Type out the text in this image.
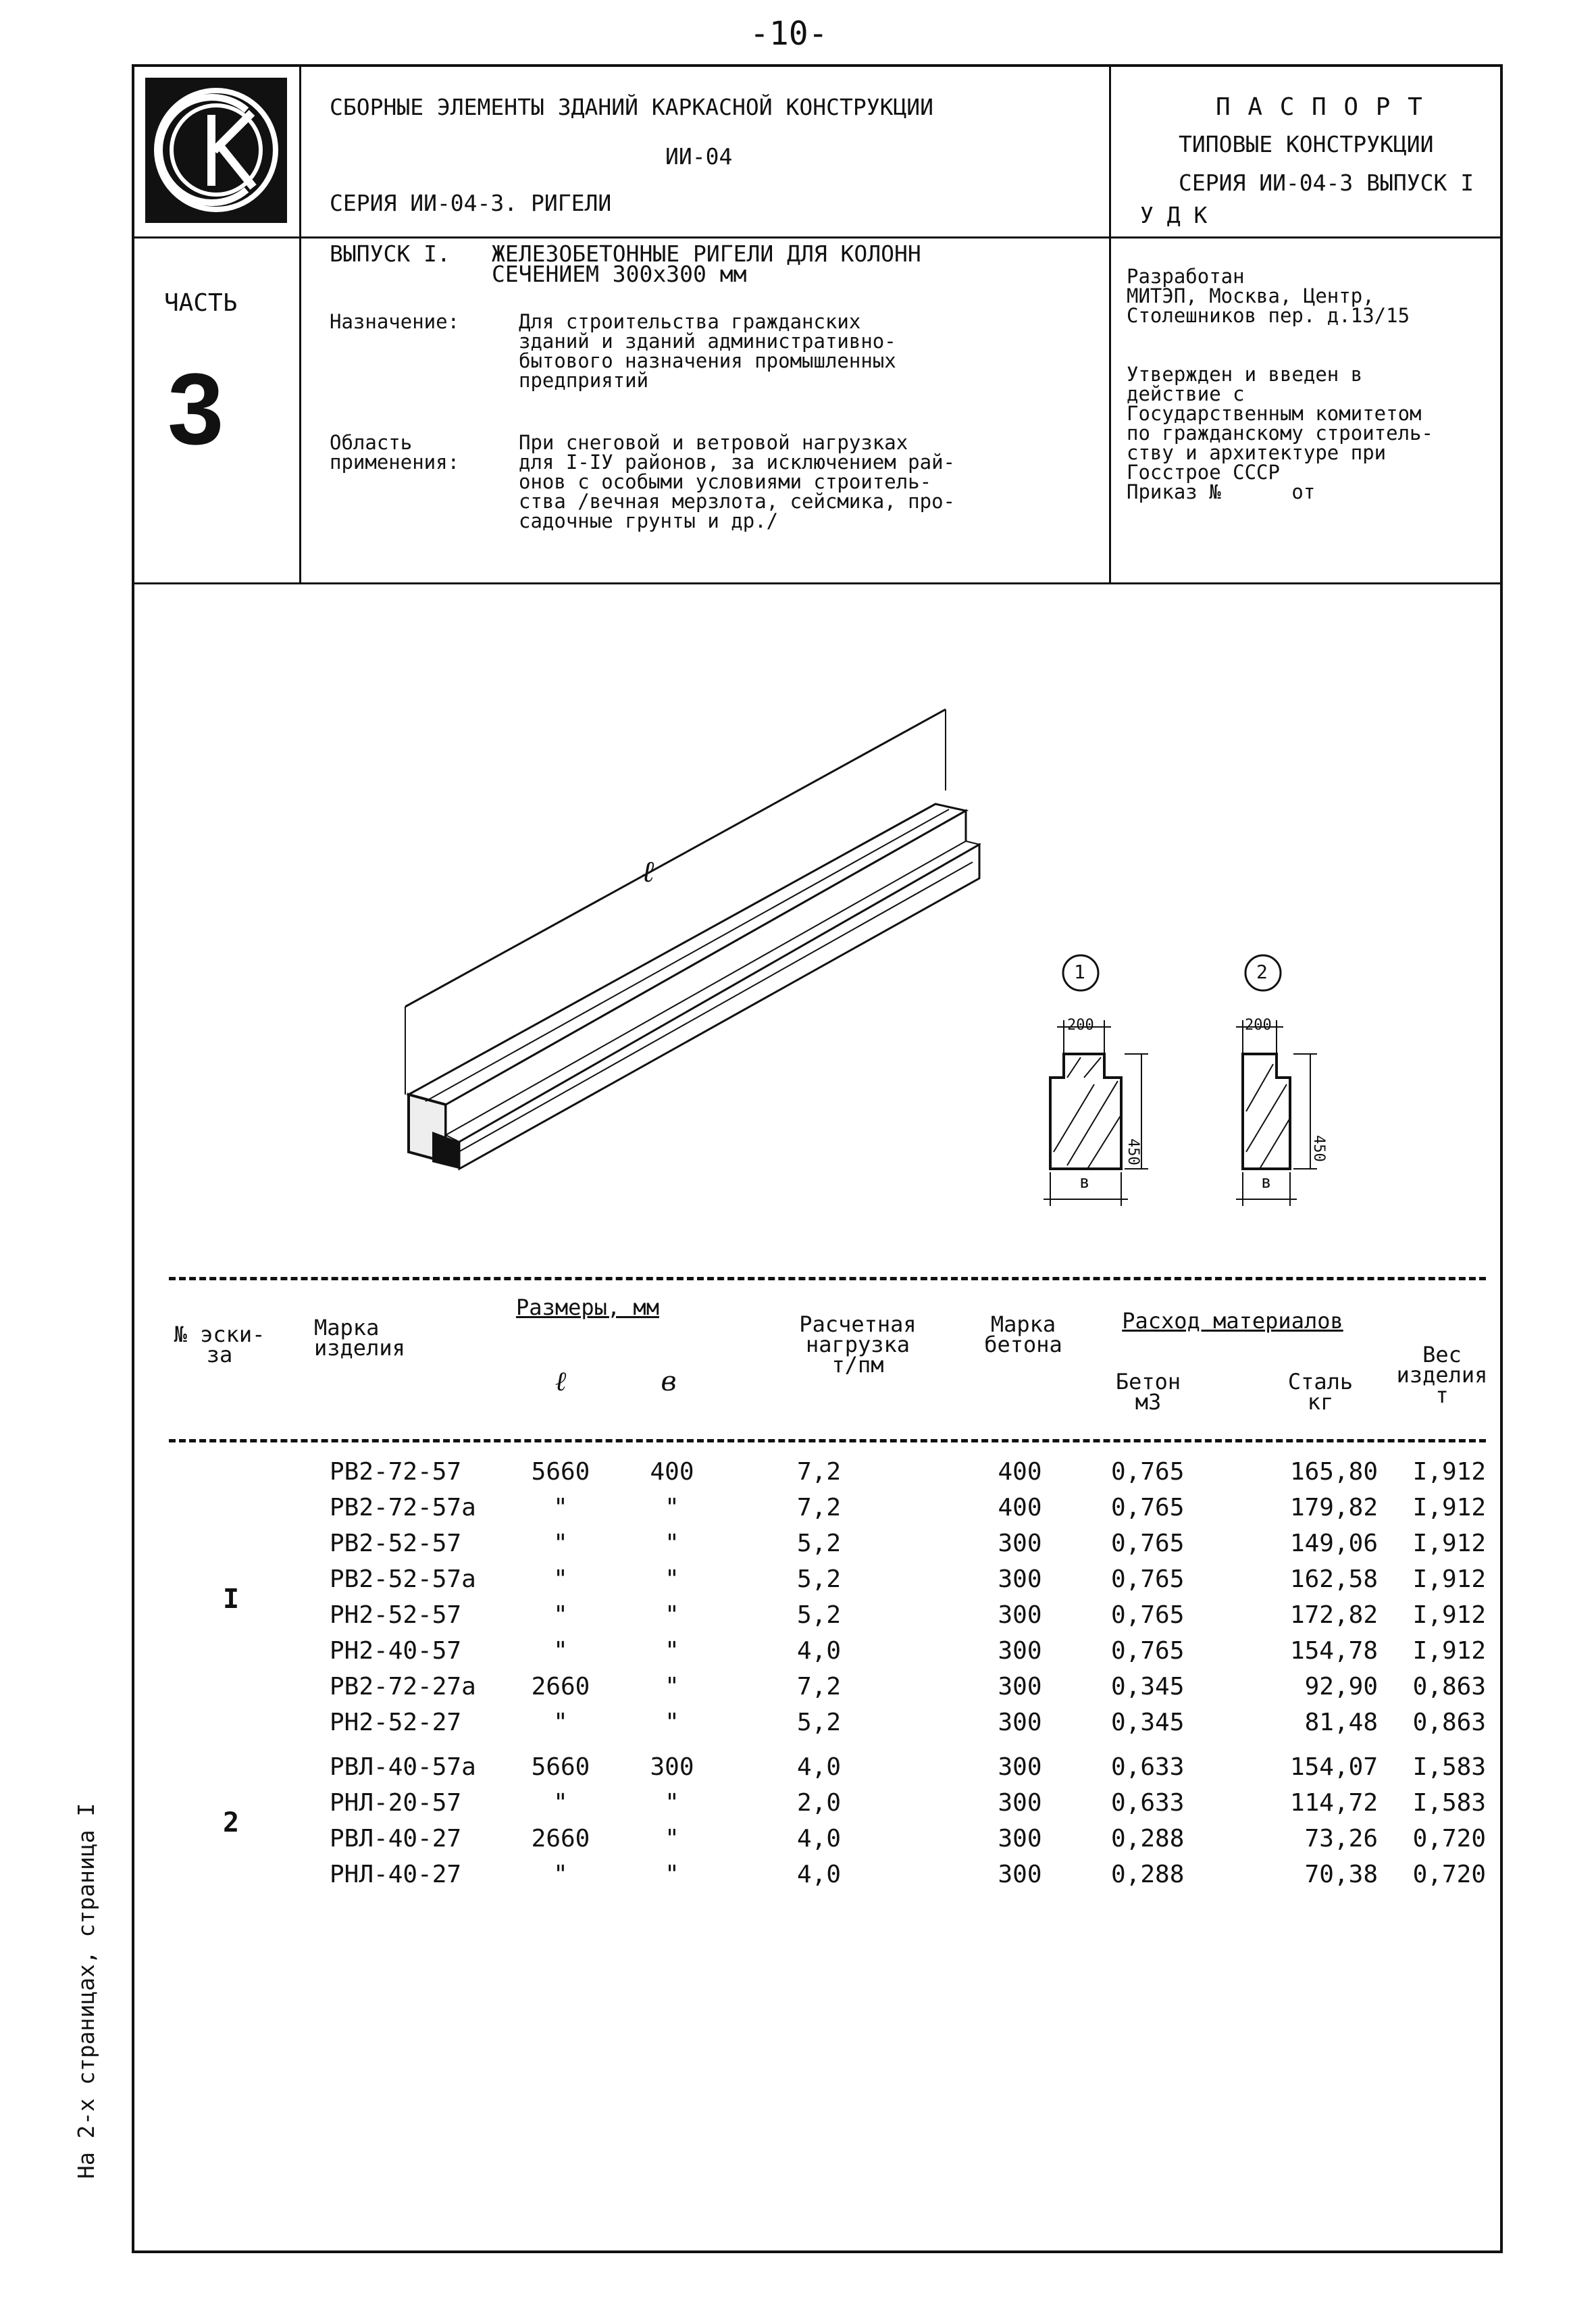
-10-
На 2-х страницах, страница I
ЧАСТЬ
3
СБОРНЫЕ ЭЛЕМЕНТЫ ЗДАНИЙ КАРКАСНОЙ КОНСТРУКЦИИ
ИИ-04
СЕРИЯ ИИ-04-3. РИГЕЛИ
ВЫПУСК I. ЖЕЛЕЗОБЕТОННЫЕ РИГЕЛИ ДЛЯ КОЛОНН
СЕЧЕНИЕМ 300х300 мм
Назначение:	Для строительства гражданских
зданий и зданий административно-
бытового назначения промышленных
предприятий
Область
применения:
При снеговой и ветровой нагрузках
для I-IУ районов, за исключением рай-
онов с особыми условиями строитель-
ства /вечная мерзлота, сейсмика, про-
садочные грунты и др./
П А С П О Р Т
ТИПОВЫЕ КОНСТРУКЦИИ
СЕРИЯ ИИ-04-3 ВЫПУСК I
У Д К
Разработан
МИТЭП, Москва, Центр,
Столешников пер. д.13/15
Утвержден и введен в
действие с
Государственным комитетом
по гражданскому строитель-
ству и архитектуре при
Госстрое СССР
Приказ №      от
ℓ
1
200
450
в
2
200
450
в
№ эски-
за
Марка
изделия
Размеры, мм
ℓ	в
Расчетная
нагрузка
т/пм
Марка
бетона
Расход материалов
Бетон
м3
Сталь
кг
Вес
изделия
т
I
РВ2-72-57	5660	400	7,2	400	0,765	165,80	I,912
РВ2-72-57а	"	"	7,2	400	0,765	179,82	I,912
РВ2-52-57	"	"	5,2	300	0,765	149,06	I,912
РВ2-52-57а	"	"	5,2	300	0,765	162,58	I,912
РН2-52-57	"	"	5,2	300	0,765	172,82	I,912
РН2-40-57	"	"	4,0	300	0,765	154,78	I,912
РВ2-72-27а	2660	"	7,2	300	0,345	92,90	0,863
РН2-52-27	"	"	5,2	300	0,345	81,48	0,863
2
РВЛ-40-57а	5660	300	4,0	300	0,633	154,07	I,583
РНЛ-20-57	"	"	2,0	300	0,633	114,72	I,583
РВЛ-40-27	2660	"	4,0	300	0,288	73,26	0,720
РНЛ-40-27	"	"	4,0	300	0,288	70,38	0,720
